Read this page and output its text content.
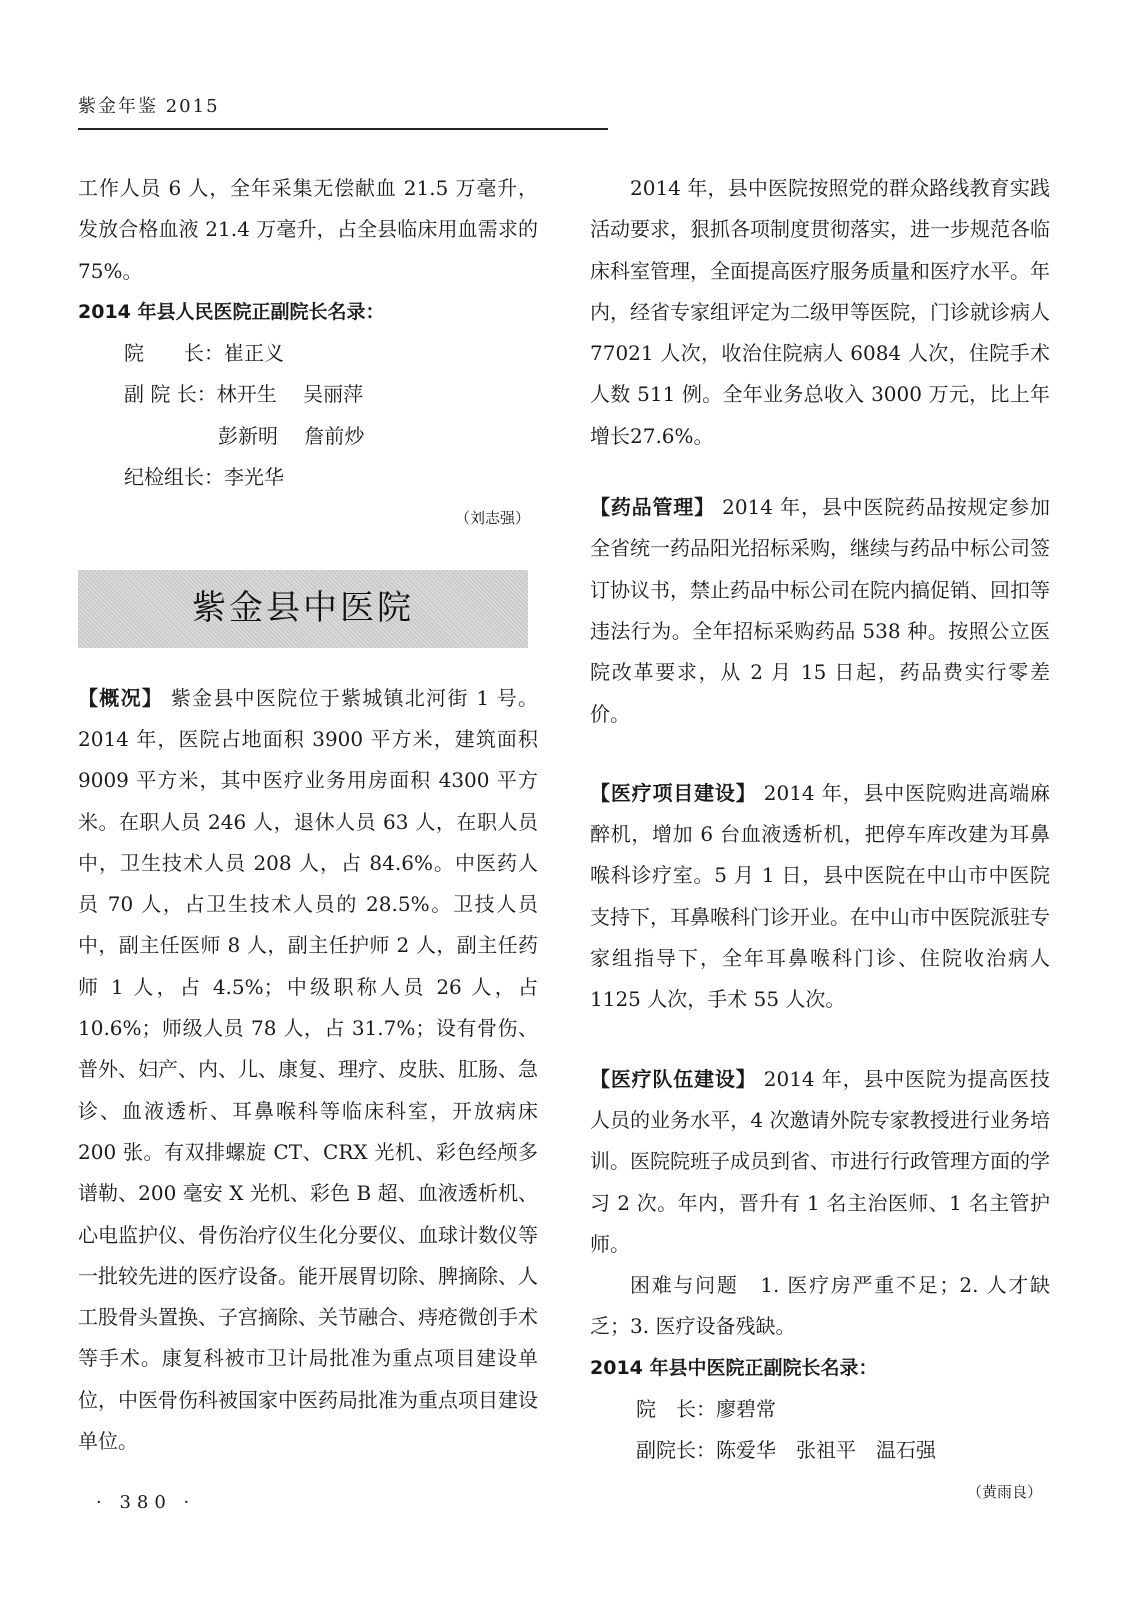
紫金年鉴 2015

工作人员 6 人，全年采集无偿献血 21.5 万毫升，发放合格血液 21.4 万毫升，占全县临床用血需求的 75%。

2014 年县人民医院正副院长名录：

院　　长：崔正义

副 院 长：林开生　 吴丽萍

彭新明　 詹前炒

纪检组长：李光华

（刘志强）

紫金县中医院

【概况】 紫金县中医院位于紫城镇北河街 1 号。2014 年，医院占地面积 3900 平方米，建筑面积 9009 平方米，其中医疗业务用房面积 4300 平方米。在职人员 246 人，退休人员 63 人，在职人员中，卫生技术人员 208 人，占 84.6%。中医药人员 70 人，占卫生技术人员的 28.5%。卫技人员中，副主任医师 8 人，副主任护师 2 人，副主任药师 1 人，占 4.5%；中级职称人员 26 人，占 10.6%；师级人员 78 人，占 31.7%；设有骨伤、普外、妇产、内、儿、康复、理疗、皮肤、肛肠、急诊、血液透析、耳鼻喉科等临床科室，开放病床 200 张。有双排螺旋 CT、CRX 光机、彩色经颅多谱勒、200 毫安 X 光机、彩色 B 超、血液透析机、心电监护仪、骨伤治疗仪生化分要仪、血球计数仪等一批较先进的医疗设备。能开展胃切除、脾摘除、人工股骨头置换、子宫摘除、关节融合、痔疮微创手术等手术。康复科被市卫计局批准为重点项目建设单位，中医骨伤科被国家中医药局批准为重点项目建设单位。

2014 年，县中医院按照党的群众路线教育实践活动要求，狠抓各项制度贯彻落实，进一步规范各临床科室管理，全面提高医疗服务质量和医疗水平。年内，经省专家组评定为二级甲等医院，门诊就诊病人 77021 人次，收治住院病人 6084 人次，住院手术人数 511 例。全年业务总收入 3000 万元，比上年增长27.6%。

【药品管理】 2014 年，县中医院药品按规定参加全省统一药品阳光招标采购，继续与药品中标公司签订协议书，禁止药品中标公司在院内搞促销、回扣等违法行为。全年招标采购药品 538 种。按照公立医院改革要求，从 2 月 15 日起，药品费实行零差价。

【医疗项目建设】 2014 年，县中医院购进高端麻醉机，增加 6 台血液透析机，把停车库改建为耳鼻喉科诊疗室。5 月 1 日，县中医院在中山市中医院支持下，耳鼻喉科门诊开业。在中山市中医院派驻专家组指导下，全年耳鼻喉科门诊、住院收治病人 1125 人次，手术 55 人次。

【医疗队伍建设】 2014 年，县中医院为提高医技人员的业务水平，4 次邀请外院专家教授进行业务培训。医院院班子成员到省、市进行行政管理方面的学习 2 次。年内，晋升有 1 名主治医师、1 名主管护师。

困难与问题　1. 医疗房严重不足；2. 人才缺乏；3. 医疗设备残缺。

2014 年县中医院正副院长名录：

院　长：廖碧常

副院长：陈爱华　张祖平　温石强

（黄雨良）

· 380 ·
